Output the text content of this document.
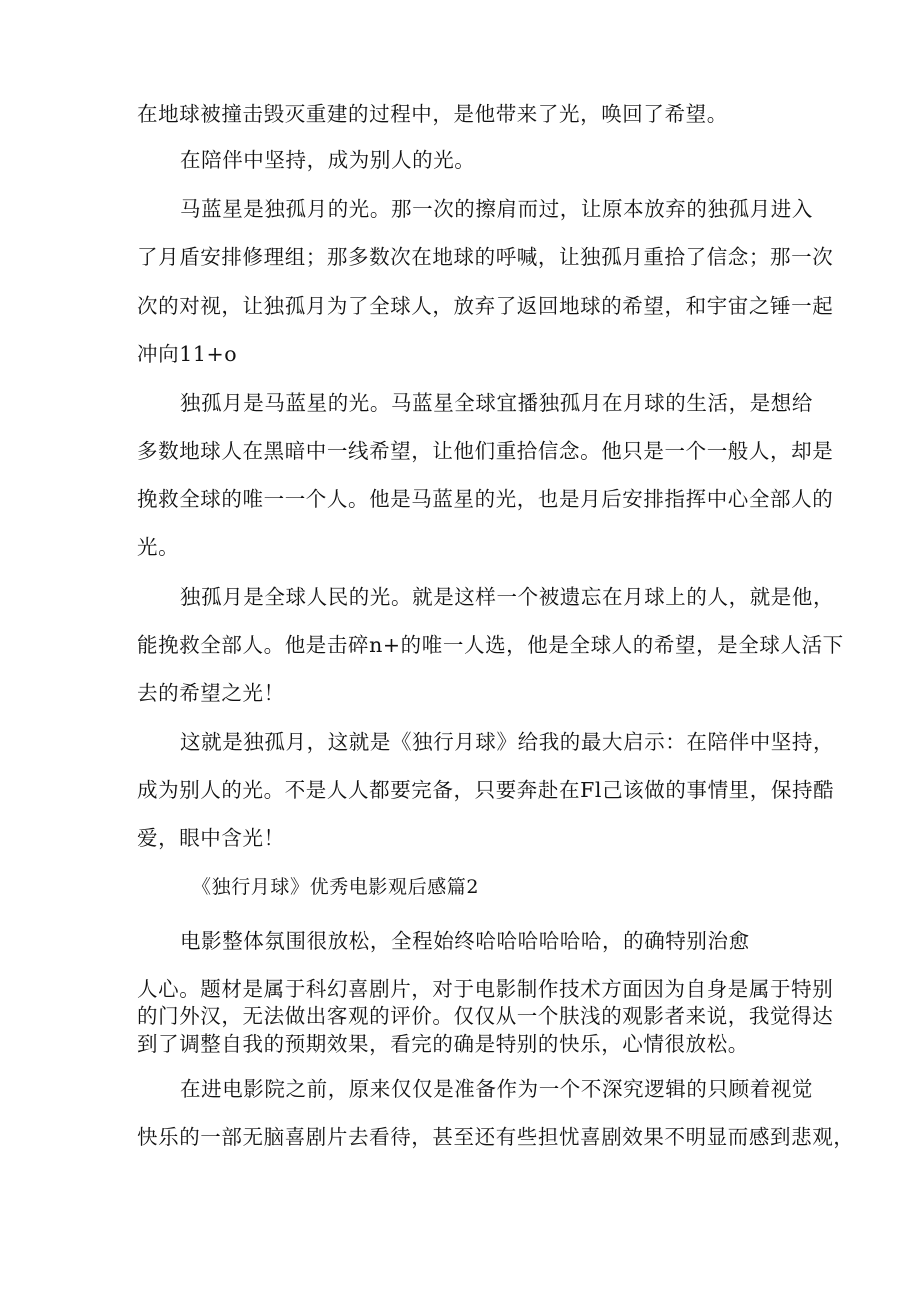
在地球被撞击毁灭重建的过程中，是他带来了光，唤回了希望。
在陪伴中坚持，成为别人的光。
马蓝星是独孤月的光。那一次的擦肩而过，让原本放弃的独孤月进入
了月盾安排修理组；那多数次在地球的呼喊，让独孤月重拾了信念；那一次
次的对视，让独孤月为了全球人，放弃了返回地球的希望，和宇宙之锤一起
冲向11+o
独孤月是马蓝星的光。马蓝星全球宜播独孤月在月球的生活，是想给
多数地球人在黑暗中一线希望，让他们重拾信念。他只是一个一般人，却是
挽救全球的唯一一个人。他是马蓝星的光，也是月后安排指挥中心全部人的
光。
独孤月是全球人民的光。就是这样一个被遗忘在月球上的人，就是他，
能挽救全部人。他是击碎n+的唯一人选，他是全球人的希望，是全球人活下
去的希望之光！
这就是独孤月，这就是《独行月球》给我的最大启示：在陪伴中坚持，
成为别人的光。不是人人都要完备，只要奔赴在Fl己该做的事情里，保持酷
爱，眼中含光！
《独行月球》优秀电影观后感篇2
电影整体氛围很放松，全程始终哈哈哈哈哈哈，的确特别治愈
人心。题材是属于科幻喜剧片，对于电影制作技术方面因为自身是属于特别
的门外汉，无法做出客观的评价。仅仅从一个肤浅的观影者来说，我觉得达
到了调整自我的预期效果，看完的确是特别的快乐，心情很放松。
在进电影院之前，原来仅仅是准备作为一个不深究逻辑的只顾着视觉
快乐的一部无脑喜剧片去看待，甚至还有些担忧喜剧效果不明显而感到悲观，
